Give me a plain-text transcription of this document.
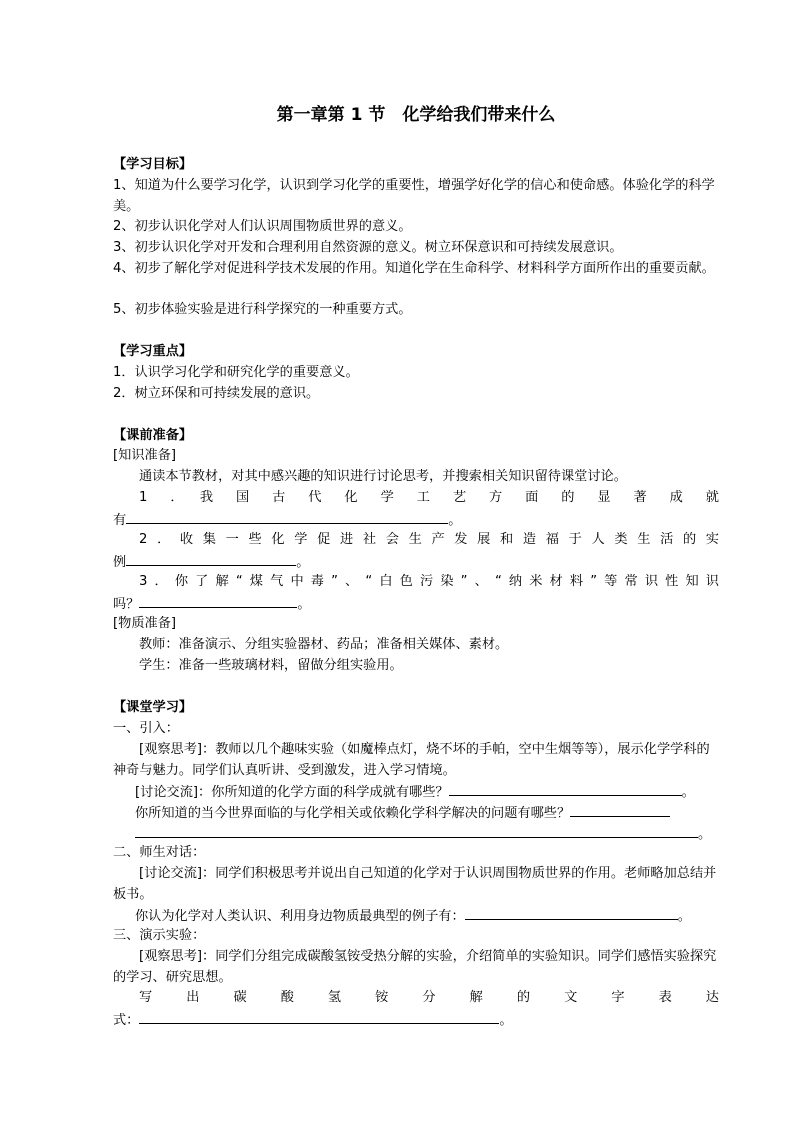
第一章第 1 节　化学给我们带来什么
【学习目标】
1、知道为什么要学习化学，认识到学习化学的重要性，增强学好化学的信心和使命感。体验化学的科学美。
2、初步认识化学对人们认识周围物质世界的意义。
3、初步认识化学对开发和合理利用自然资源的意义。树立环保意识和可持续发展意识。
4、初步了解化学对促进科学技术发展的作用。知道化学在生命科学、材料科学方面所作出的重要贡献。
5、初步体验实验是进行科学探究的一种重要方式。
【学习重点】
1．认识学习化学和研究化学的重要意义。
2．树立环保和可持续发展的意识。
【课前准备】
[知识准备]
通读本节教材，对其中感兴趣的知识进行讨论思考，并搜索相关知识留待课堂讨论。
1　．　我　国　古　代　化　学　工　艺　方　面　的　显　著　成　就
有	。
2．收集一些化学促进社会生产发展和造福于人类生活的实
例	。
3．你了解“煤气中毒”、“白色污染”、“纳米材料”等常识性知识
吗？	。
[物质准备]
教师：准备演示、分组实验器材、药品；准备相关媒体、素材。
学生：准备一些玻璃材料，留做分组实验用。
【课堂学习】
一、引入：
[观察思考]：教师以几个趣味实验（如魔棒点灯，烧不坏的手帕，空中生烟等等），展示化学学科的神奇与魅力。同学们认真听讲、受到激发，进入学习情境。
[讨论交流]：你所知道的化学方面的科学成就有哪些？	。
你所知道的当今世界面临的与化学相关或依赖化学科学解决的问题有哪些？
。
二、师生对话：
[讨论交流]：同学们积极思考并说出自己知道的化学对于认识周围物质世界的作用。老师略加总结并板书。
你认为化学对人类认识、利用身边物质最典型的例子有：	。
三、演示实验：
[观察思考]：同学们分组完成碳酸氢铵受热分解的实验，介绍简单的实验知识。同学们感悟实验探究的学习、研究思想。
写　出　碳　酸　氢　铵　分　解　的　文　字　表　达
式：	。
